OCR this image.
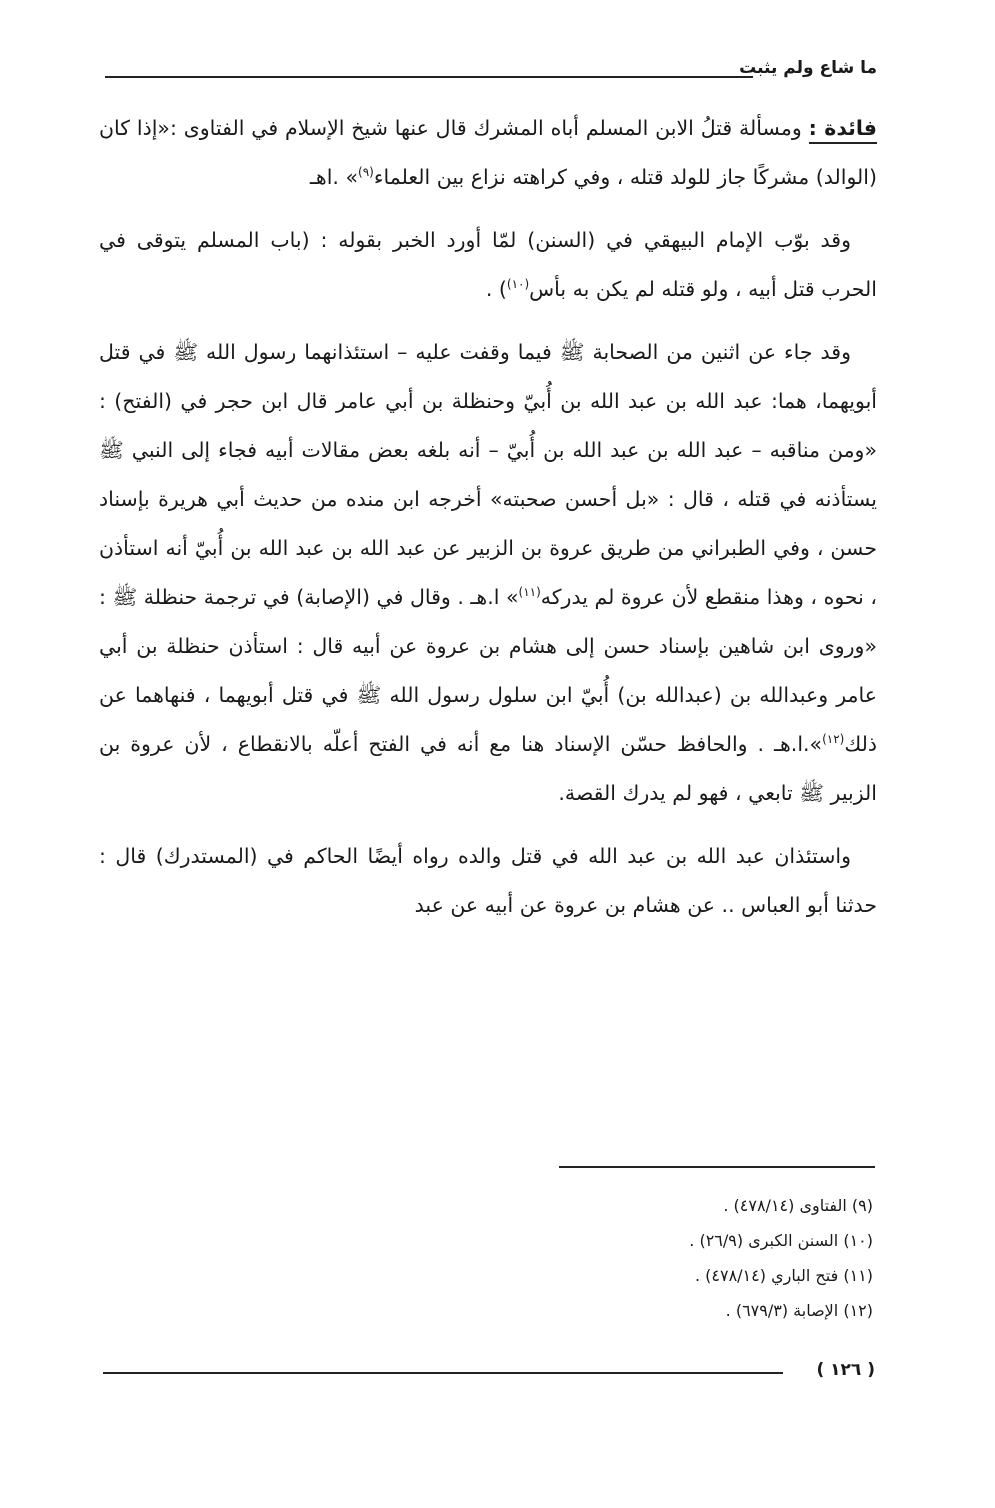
ما شاع ولم يثبت

فائدة : ومسألة قتلُ الابن المسلم أباه المشرك قال عنها شيخ الإسلام في الفتاوى :«إذا كان (الوالد) مشركًا جاز للولد قتله ، وفي كراهته نزاع بين العلماء$^{(٩)}$» .اهـ

وقد بوّب الإمام البيهقي في (السنن) لمّا أورد الخبر بقوله : (باب المسلم يتوقى في الحرب قتل أبيه ، ولو قتله لم يكن به بأس$^{(١٠)}$) .

وقد جاء عن اثنين من الصحابة ﷺ فيما وقفت عليه – استئذانهما رسول الله ﷺ في قتل أبويهما، هما: عبد الله بن عبد الله بن أُبيّ وحنظلة بن أبي عامر قال ابن حجر في (الفتح) : «ومن مناقبه – عبد الله بن عبد الله بن أُبيّ – أنه بلغه بعض مقالات أبيه فجاء إلى النبي ﷺ يستأذنه في قتله ، قال : «بل أحسن صحبته» أخرجه ابن منده من حديث أبي هريرة بإسناد حسن ، وفي الطبراني من طريق عروة بن الزبير عن عبد الله بن عبد الله بن أُبيّ أنه استأذن ، نحوه ، وهذا منقطع لأن عروة لم يدركه$^{(١١)}$» ا.هـ . وقال في (الإصابة) في ترجمة حنظلة ﷺ : «وروى ابن شاهين بإسناد حسن إلى هشام بن عروة عن أبيه قال : استأذن حنظلة بن أبي عامر وعبدالله بن (عبدالله بن) أُبيّ ابن سلول رسول الله ﷺ في قتل أبويهما ، فنهاهما عن ذلك$^{(١٢)}$».ا.هـ . والحافظ حسّن الإسناد هنا مع أنه في الفتح أعلّه بالانقطاع ، لأن عروة بن الزبير ﷺ تابعي ، فهو لم يدرك القصة.

واستئذان عبد الله بن عبد الله في قتل والده رواه أيضًا الحاكم في (المستدرك) قال : حدثنا أبو العباس .. عن هشام بن عروة عن أبيه عن عبد

(٩) الفتاوى (٤٧٨/١٤) .
(١٠) السنن الكبرى (٢٦/٩) .
(١١) فتح الباري (٤٧٨/١٤) .
(١٢) الإصابة (٦٧٩/٣) .
( ١٢٦ )
